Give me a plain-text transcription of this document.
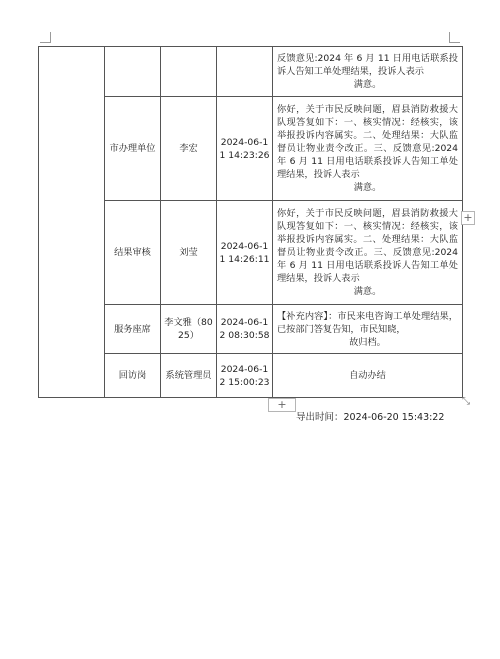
				反馈意见:2024 年 6 月 11 日用电话联系投诉人告知工单处理结果，投诉人表示
满意。

	市办理单位	李宏	2024-06-1 1 14:23:26	你好，关于市民反映问题，眉县消防救援大队现答复如下：一、核实情况：经核实，该举报投诉内容属实。二、处理结果：大队监督员让物业责令改正。三、反馈意见:2024 年 6 月 11 日用电话联系投诉人告知工单处理结果，投诉人表示
满意。

	结果审核	刘莹	2024-06-1 1 14:26:11	你好，关于市民反映问题，眉县消防救援大队现答复如下：一、核实情况：经核实，该举报投诉内容属实。二、处理结果：大队监督员让物业责令改正。三、反馈意见:2024 年 6 月 11 日用电话联系投诉人告知工单处理结果，投诉人表示
满意。

	服务座席	李文雅（8025）	2024-06-1 2 08:30:58	【补充内容】：市民来电咨询工单处理结果，已按部门答复告知，市民知晓，
故归档。

	回访岗	系统管理员	2024-06-1 2 15:00:23	自动办结
+
+	⤡
导出时间：2024-06-20 15:43:22
